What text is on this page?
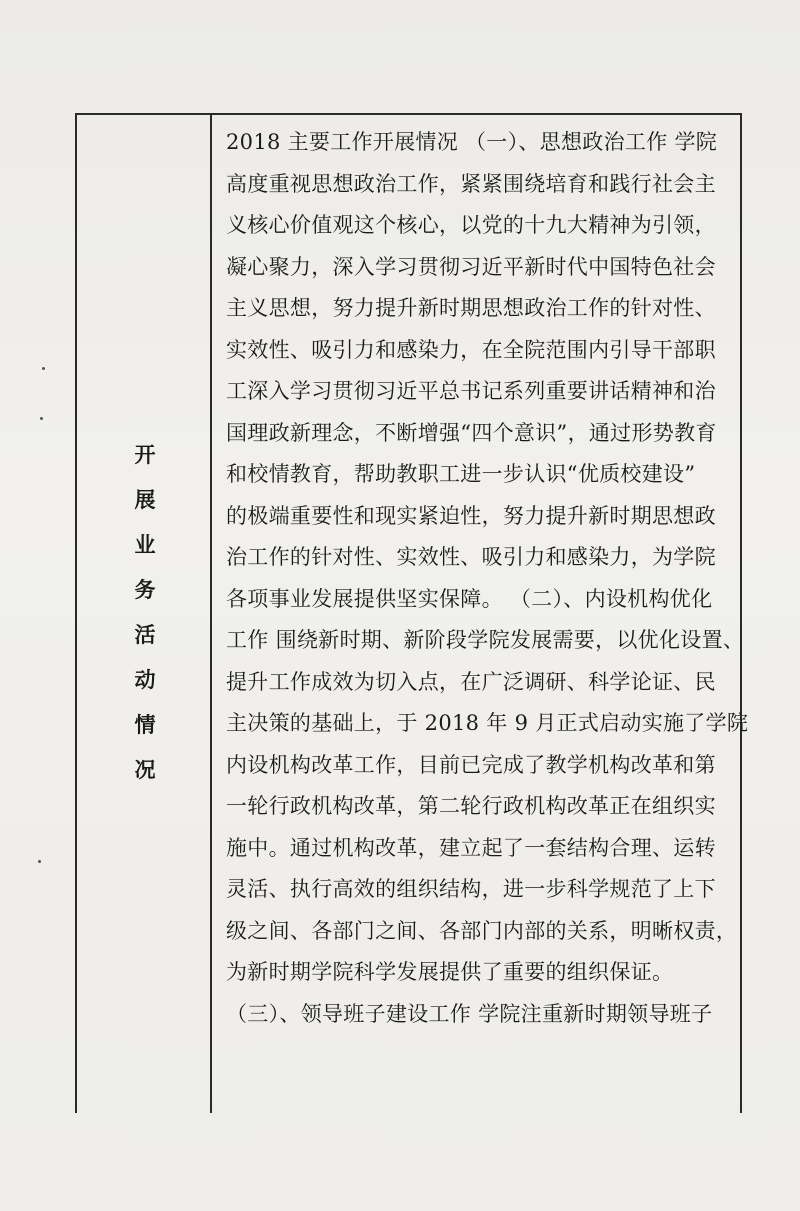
开
展
业
务
活
动
情
况
2018 主要工作开展情况 （一）、思想政治工作 学院
高度重视思想政治工作，紧紧围绕培育和践行社会主
义核心价值观这个核心，以党的十九大精神为引领，
凝心聚力，深入学习贯彻习近平新时代中国特色社会
主义思想，努力提升新时期思想政治工作的针对性、
实效性、吸引力和感染力，在全院范围内引导干部职
工深入学习贯彻习近平总书记系列重要讲话精神和治
国理政新理念，不断增强“四个意识”，通过形势教育
和校情教育，帮助教职工进一步认识“优质校建设”
的极端重要性和现实紧迫性，努力提升新时期思想政
治工作的针对性、实效性、吸引力和感染力，为学院
各项事业发展提供坚实保障。 （二）、内设机构优化
工作 围绕新时期、新阶段学院发展需要，以优化设置、
提升工作成效为切入点，在广泛调研、科学论证、民
主决策的基础上，于 2018 年 9 月正式启动实施了学院
内设机构改革工作，目前已完成了教学机构改革和第
一轮行政机构改革，第二轮行政机构改革正在组织实
施中。通过机构改革，建立起了一套结构合理、运转
灵活、执行高效的组织结构，进一步科学规范了上下
级之间、各部门之间、各部门内部的关系，明晰权责，
为新时期学院科学发展提供了重要的组织保证。
（三）、领导班子建设工作 学院注重新时期领导班子
